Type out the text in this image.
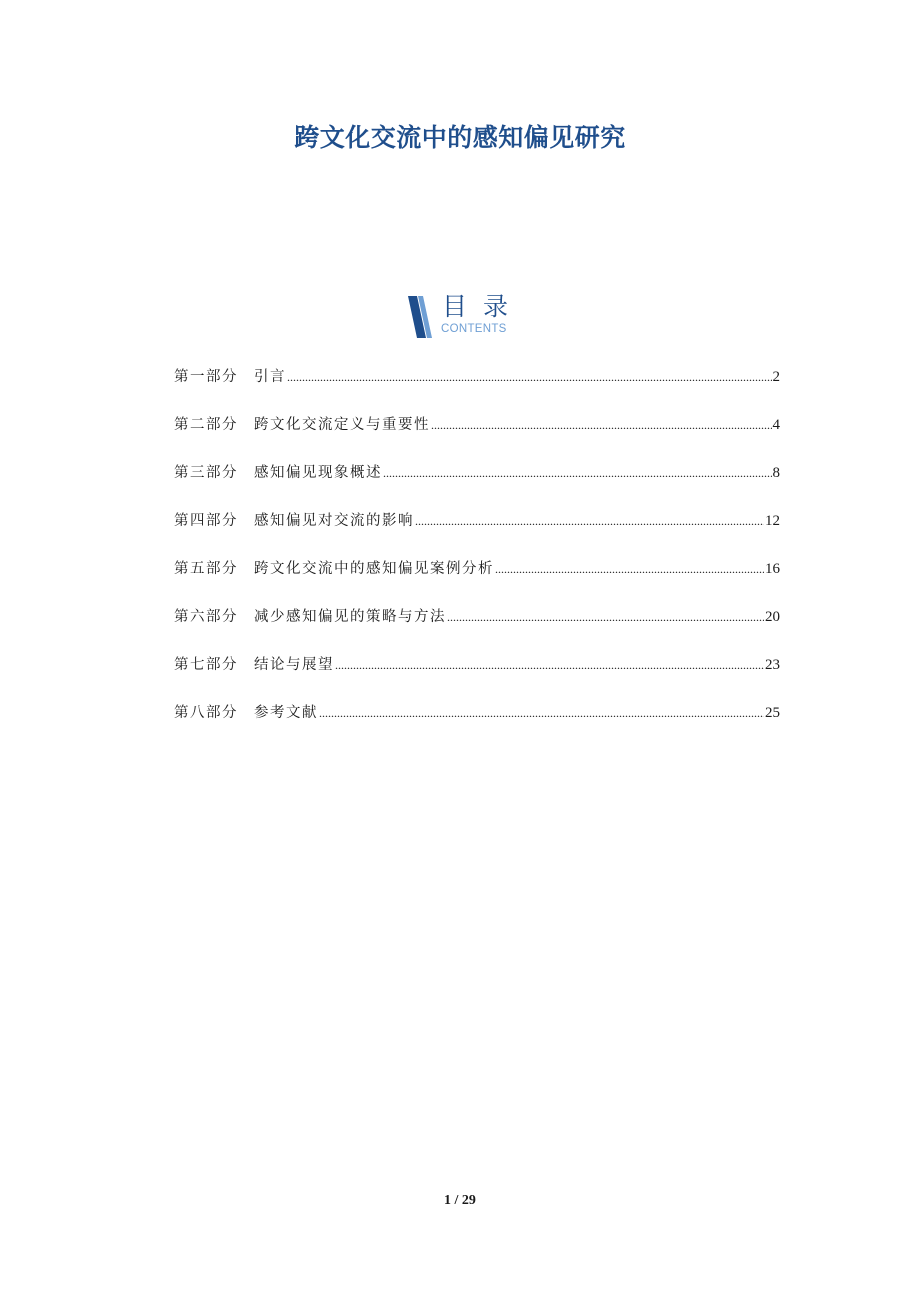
跨文化交流中的感知偏见研究
目录
CONTENTS
第一部分	引言 .....	2
第二部分	跨文化交流定义与重要性 .....	4
第三部分	感知偏见现象概述 .....	8
第四部分	感知偏见对交流的影响 .....	12
第五部分	跨文化交流中的感知偏见案例分析 .....	16
第六部分	减少感知偏见的策略与方法 .....	20
第七部分	结论与展望 .....	23
第八部分	参考文献 .....	25
1 / 29
